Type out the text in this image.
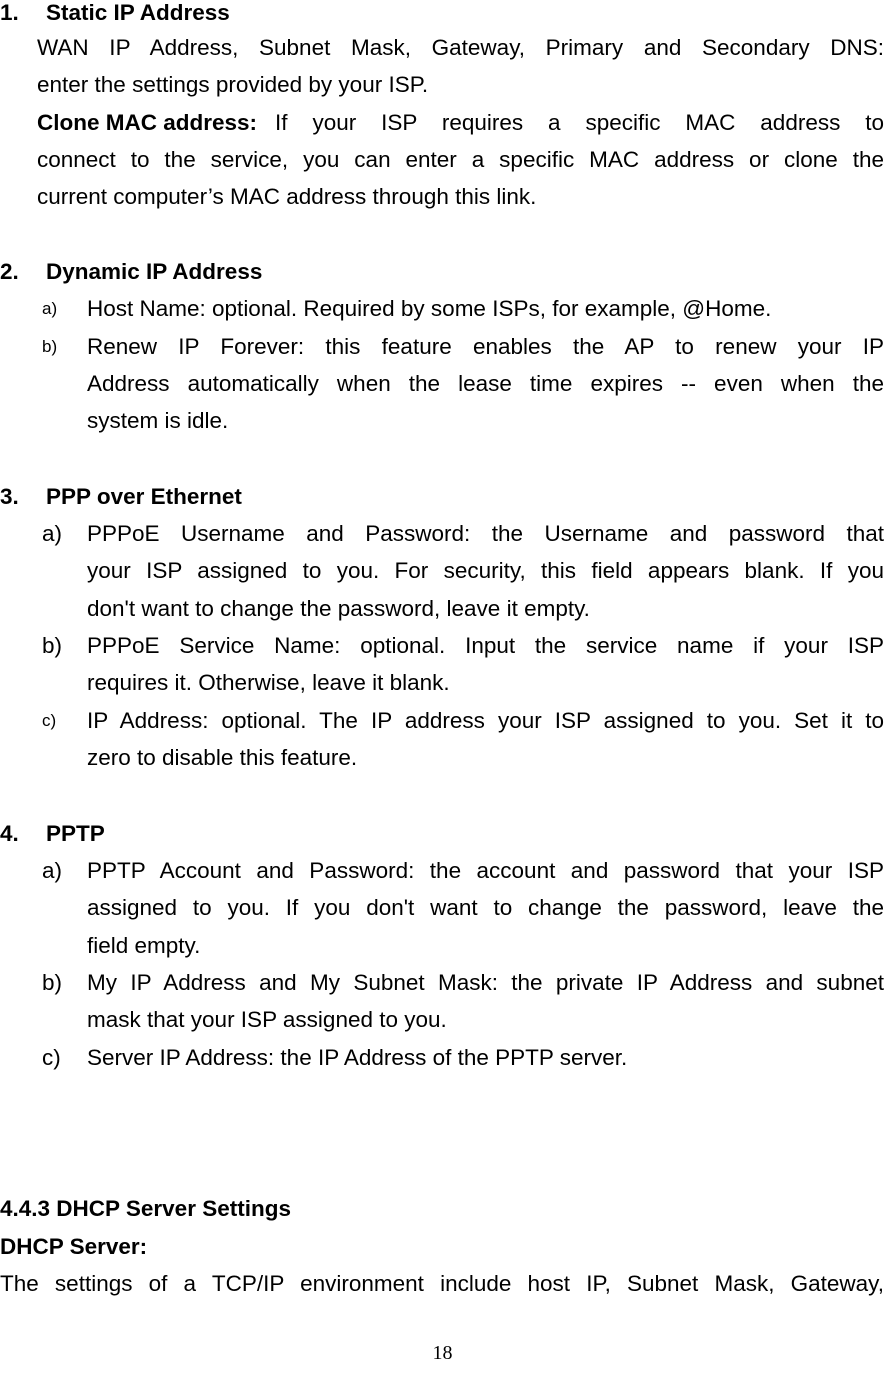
1. Static IP Address
WAN IP Address, Subnet Mask, Gateway, Primary and Secondary DNS:
enter the settings provided by your ISP.
Clone MAC address: If your ISP requires a specific MAC address to
connect to the service, you can enter a specific MAC address or clone the
current computer’s MAC address through this link.
2. Dynamic IP Address
a) Host Name: optional. Required by some ISPs, for example, @Home.
b) Renew IP Forever: this feature enables the AP to renew your IP
Address automatically when the lease time expires -- even when the
system is idle.
3. PPP over Ethernet
a) PPPoE Username and Password: the Username and password that
your ISP assigned to you. For security, this field appears blank. If you
don't want to change the password, leave it empty.
b) PPPoE Service Name: optional. Input the service name if your ISP
requires it. Otherwise, leave it blank.
c) IP Address: optional. The IP address your ISP assigned to you. Set it to
zero to disable this feature.
4. PPTP
a) PPTP Account and Password: the account and password that your ISP
assigned to you. If you don't want to change the password, leave the
field empty.
b) My IP Address and My Subnet Mask: the private IP Address and subnet
mask that your ISP assigned to you.
c) Server IP Address: the IP Address of the PPTP server.
4.4.3 DHCP Server Settings
DHCP Server:
The settings of a TCP/IP environment include host IP, Subnet Mask, Gateway,
18
